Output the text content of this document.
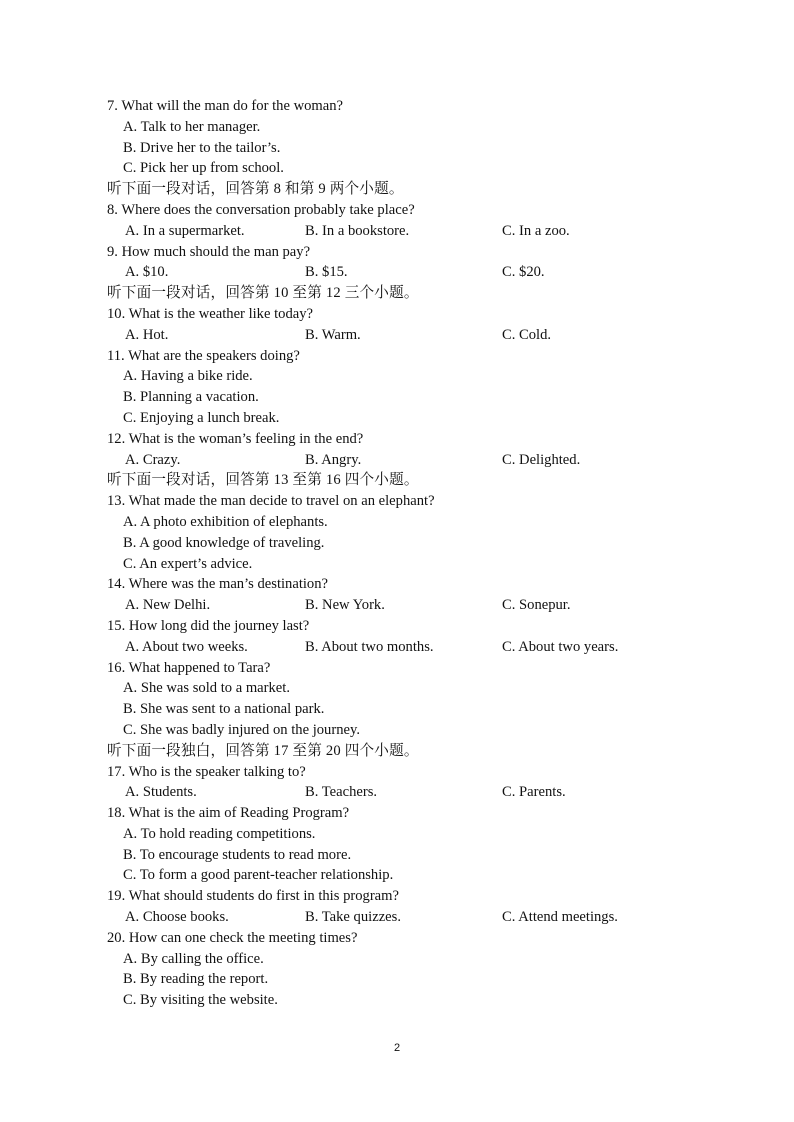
7. What will the man do for the woman?
A. Talk to her manager.
B. Drive her to the tailor’s.
C. Pick her up from school.
听下面一段对话，回答第 8 和第 9 两个小题。
8. Where does the conversation probably take place?
A. In a supermarket.	B. In a bookstore.	C. In a zoo.
9. How much should the man pay?
A. $10.	B. $15.	C. $20.
听下面一段对话，回答第 10 至第 12 三个小题。
10. What is the weather like today?
A. Hot.	B. Warm.	C. Cold.
11. What are the speakers doing?
A. Having a bike ride.
B. Planning a vacation.
C. Enjoying a lunch break.
12. What is the woman’s feeling in the end?
A. Crazy.	B. Angry.	C. Delighted.
听下面一段对话，回答第 13 至第 16 四个小题。
13. What made the man decide to travel on an elephant?
A. A photo exhibition of elephants.
B. A good knowledge of traveling.
C. An expert’s advice.
14. Where was the man’s destination?
A. New Delhi.	B. New York.	C. Sonepur.
15. How long did the journey last?
A. About two weeks.	B. About two months.	C. About two years.
16. What happened to Tara?
A. She was sold to a market.
B. She was sent to a national park.
C. She was badly injured on the journey.
听下面一段独白，回答第 17 至第 20 四个小题。
17. Who is the speaker talking to?
A. Students.	B. Teachers.	C. Parents.
18. What is the aim of Reading Program?
A. To hold reading competitions.
B. To encourage students to read more.
C. To form a good parent-teacher relationship.
19. What should students do first in this program?
A. Choose books.	B. Take quizzes.	C. Attend meetings.
20. How can one check the meeting times?
A. By calling the office.
B. By reading the report.
C. By visiting the website.
2
